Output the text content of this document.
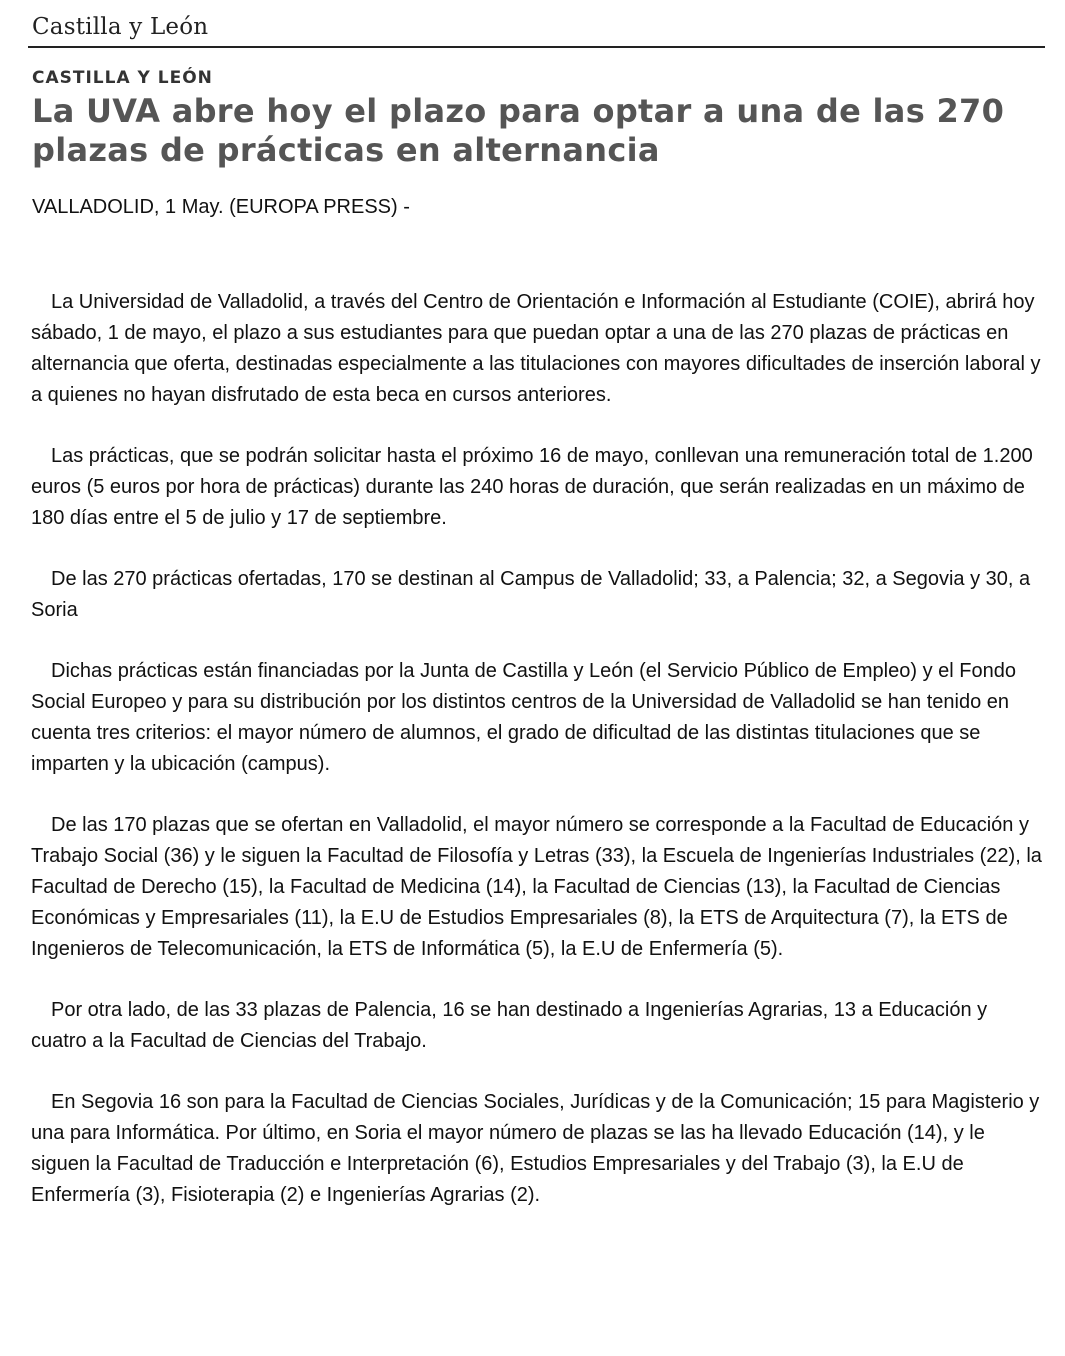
Castilla y León
CASTILLA Y LEÓN
La UVA abre hoy el plazo para optar a una de las 270 plazas de prácticas en alternancia
VALLADOLID, 1 May. (EUROPA PRESS) -

La Universidad de Valladolid, a través del Centro de Orientación e Información al Estudiante (COIE), abrirá hoy sábado, 1 de mayo, el plazo a sus estudiantes para que puedan optar a una de las 270 plazas de prácticas en alternancia que oferta, destinadas especialmente a las titulaciones con mayores dificultades de inserción laboral y a quienes no hayan disfrutado de esta beca en cursos anteriores.

Las prácticas, que se podrán solicitar hasta el próximo 16 de mayo, conllevan una remuneración total de 1.200 euros (5 euros por hora de prácticas) durante las 240 horas de duración, que serán realizadas en un máximo de 180 días entre el 5 de julio y 17 de septiembre.

De las 270 prácticas ofertadas, 170 se destinan al Campus de Valladolid; 33, a Palencia; 32, a Segovia y 30, a Soria

Dichas prácticas están financiadas por la Junta de Castilla y León (el Servicio Público de Empleo) y el Fondo Social Europeo y para su distribución por los distintos centros de la Universidad de Valladolid se han tenido en cuenta tres criterios: el mayor número de alumnos, el grado de dificultad de las distintas titulaciones que se imparten y la ubicación (campus).

De las 170 plazas que se ofertan en Valladolid, el mayor número se corresponde a la Facultad de Educación y Trabajo Social (36) y le siguen la Facultad de Filosofía y Letras (33), la Escuela de Ingenierías Industriales (22), la Facultad de Derecho (15), la Facultad de Medicina (14), la Facultad de Ciencias (13), la Facultad de Ciencias Económicas y Empresariales (11), la E.U de Estudios Empresariales (8), la ETS de Arquitectura (7), la ETS de Ingenieros de Telecomunicación, la ETS de Informática (5), la E.U de Enfermería (5).

Por otra lado, de las 33 plazas de Palencia, 16 se han destinado a Ingenierías Agrarias, 13 a Educación y cuatro a la Facultad de Ciencias del Trabajo.

En Segovia 16 son para la Facultad de Ciencias Sociales, Jurídicas y de la Comunicación; 15 para Magisterio y una para Informática. Por último, en Soria el mayor número de plazas se las ha llevado Educación (14), y le siguen la Facultad de Traducción e Interpretación (6), Estudios Empresariales y del Trabajo (3), la E.U de Enfermería (3), Fisioterapia (2) e Ingenierías Agrarias (2).
